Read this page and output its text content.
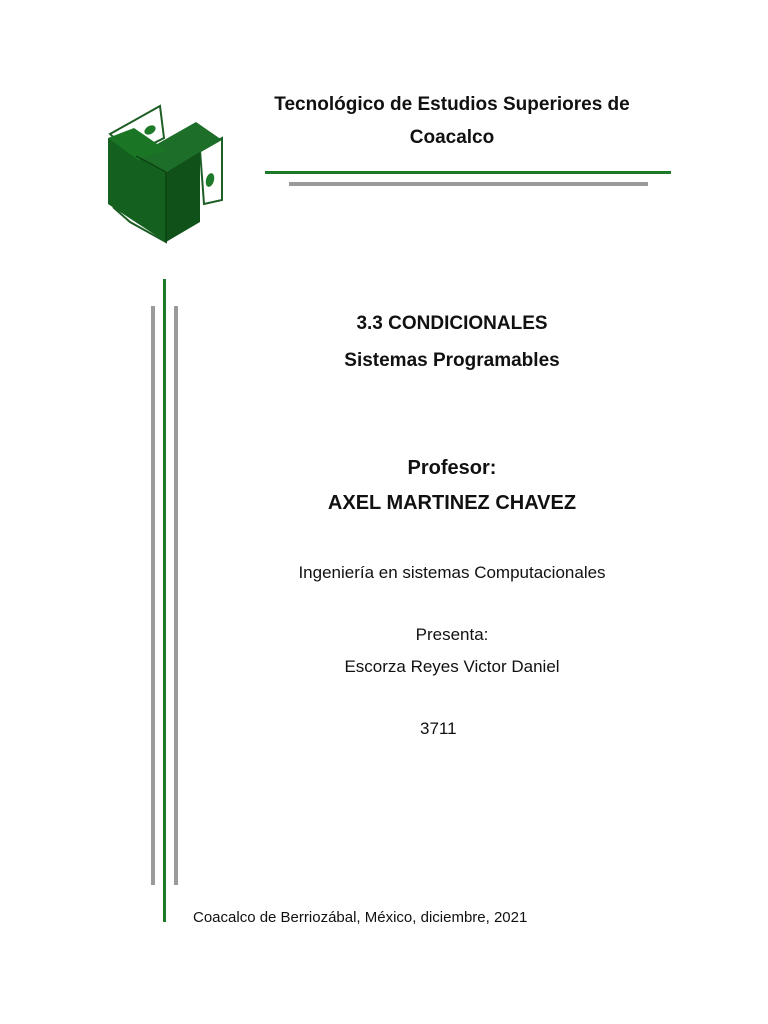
Tecnológico de Estudios Superiores de
Coacalco

3.3 CONDICIONALES

Sistemas Programables

Profesor:

AXEL MARTINEZ CHAVEZ

Ingeniería en sistemas Computacionales

Presenta:

Escorza Reyes Victor Daniel

3711

Coacalco de Berriozábal, México, diciembre, 2021
